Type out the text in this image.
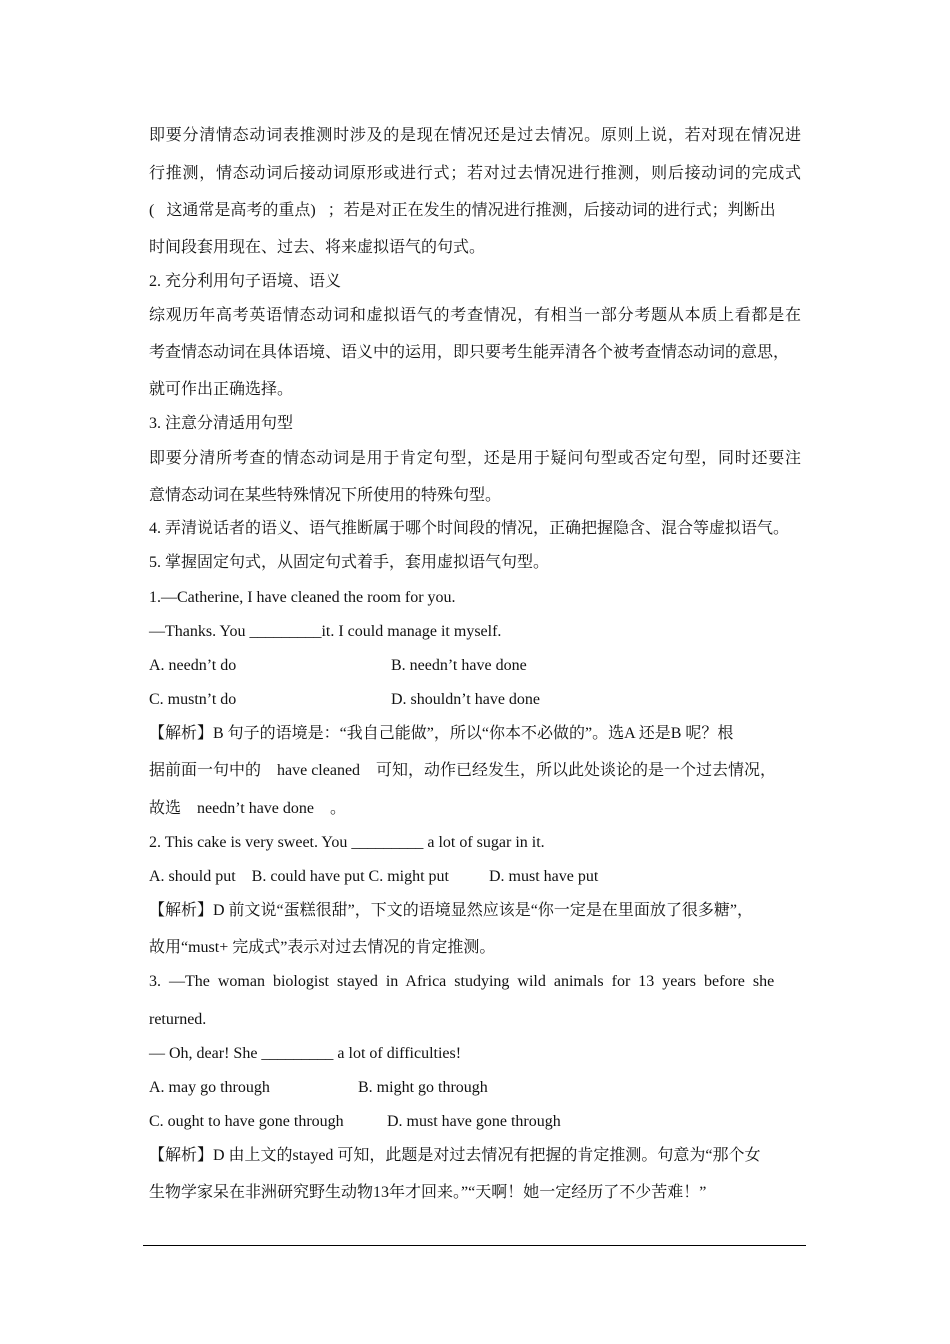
即要分清情态动词表推测时涉及的是现在情况还是过去情况。原则上说，若对现在情况进
行推测，情态动词后接动词原形或进行式；若对过去情况进行推测，则后接动词的完成式
(   这通常是高考的重点)   ；若是对正在发生的情况进行推测，后接动词的进行式；判断出
时间段套用现在、过去、将来虚拟语气的句式。
2. 充分利用句子语境、语义
综观历年高考英语情态动词和虚拟语气的考查情况，有相当一部分考题从本质上看都是在
考查情态动词在具体语境、语义中的运用，即只要考生能弄清各个被考查情态动词的意思，
就可作出正确选择。
3. 注意分清适用句型
即要分清所考查的情态动词是用于肯定句型，还是用于疑问句型或否定句型，同时还要注
意情态动词在某些特殊情况下所使用的特殊句型。
4. 弄清说话者的语义、语气推断属于哪个时间段的情况，正确把握隐含、混合等虚拟语气。
5. 掌握固定句式，从固定句式着手，套用虚拟语气句型。
1.—Catherine, I have cleaned the room for you.
—Thanks. You _________it. I could manage it myself.
A. needn’t do	B. needn’t have done
C. mustn’t do	D. shouldn’t have done
【解析】B 句子的语境是：“我自己能做”，所以“你本不必做的”。选A 还是B 呢？根
据前面一句中的    have cleaned    可知，动作已经发生，所以此处谈论的是一个过去情况，
故选    needn’t have done    。
2. This cake is very sweet. You _________ a lot of sugar in it.
A. should put    B. could have put C. might put          D. must have put
【解析】D 前文说“蛋糕很甜”，下文的语境显然应该是“你一定是在里面放了很多糖”，
故用“must+ 完成式”表示对过去情况的肯定推测。
3.  —The  woman  biologist  stayed  in  Africa  studying  wild  animals  for  13  years  before  she
returned.
— Oh, dear! She _________ a lot of difficulties!
A. may go through	B. might go through
C. ought to have gone through	D. must have gone through
【解析】D 由上文的stayed 可知，此题是对过去情况有把握的肯定推测。句意为“那个女
生物学家呆在非洲研究野生动物13年才回来。”“天啊！她一定经历了不少苦难！”
